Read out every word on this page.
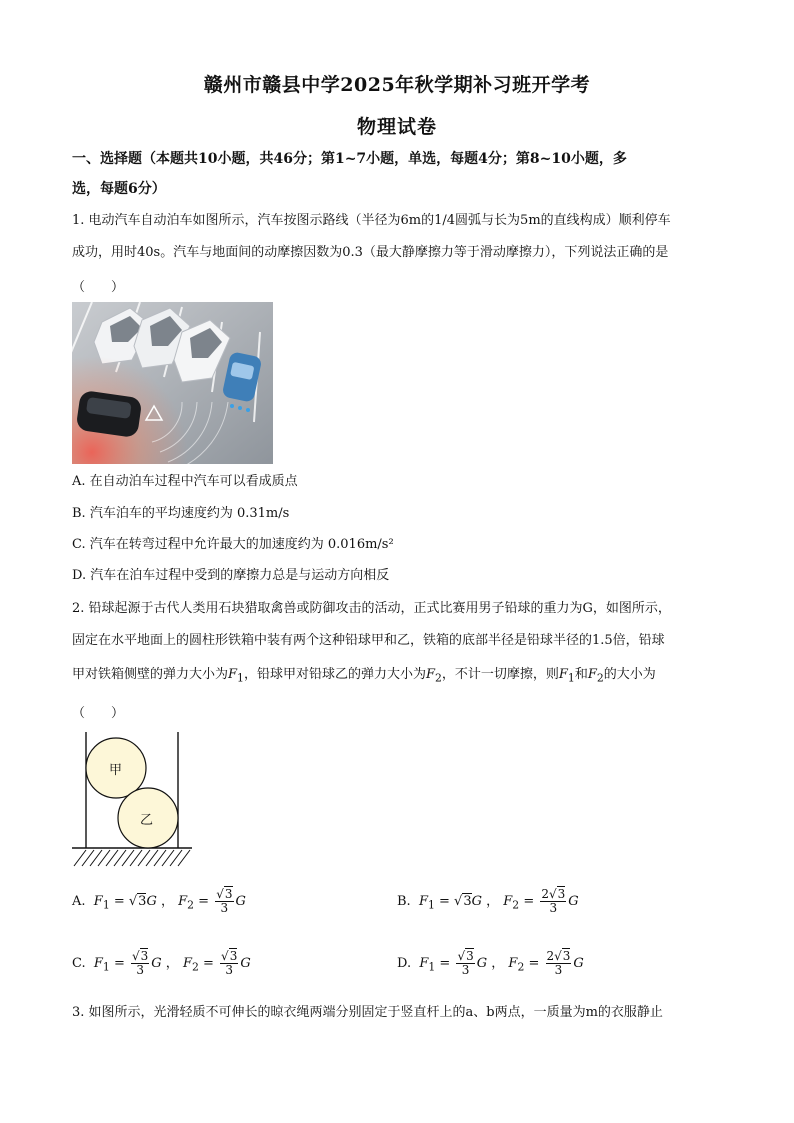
赣州市赣县中学2025年秋学期补习班开学考
物理试卷
一、选择题（本题共10小题，共46分；第1~7小题，单选，每题4分；第8~10小题，多
选，每题6分）
1. 电动汽车自动泊车如图所示，汽车按图示路线（半径为6m的1/4圆弧与长为5m的直线构成）顺利停车
成功，用时40s。汽车与地面间的动摩擦因数为0.3（最大静摩擦力等于滑动摩擦力），下列说法正确的是
（　　）
A. 在自动泊车过程中汽车可以看成质点
B. 汽车泊车的平均速度约为 0.31m/s
C. 汽车在转弯过程中允许最大的加速度约为 0.016m/s²
D. 汽车在泊车过程中受到的摩擦力总是与运动方向相反
2. 铅球起源于古代人类用石块猎取禽兽或防御攻击的活动，正式比赛用男子铅球的重力为G，如图所示，
固定在水平地面上的圆柱形铁箱中装有两个这种铅球甲和乙，铁箱的底部半径是铅球半径的1.5倍，铅球
甲对铁箱侧壁的弹力大小为$F_1$，铅球甲对铅球乙的弹力大小为$F_2$，不计一切摩擦，则$F_1$和$F_2$的大小为
（　　）
甲
乙
A. $F_1 = √3G$ ， $F_2 = \frac{√3}{3}$ G	B. $F_1 = √3G$ ， $F_2 = \frac{2√3}{3}$ G
C. $F_1 = \frac{√3}{3}$ G ， $F_2 = \frac{√3}{3}$ G	D. $F_1 = \frac{√3}{3}$ G ， $F_2 = \frac{2√3}{3}$ G
3. 如图所示，光滑轻质不可伸长的晾衣绳两端分别固定于竖直杆上的a、b两点，一质量为m的衣服静止
